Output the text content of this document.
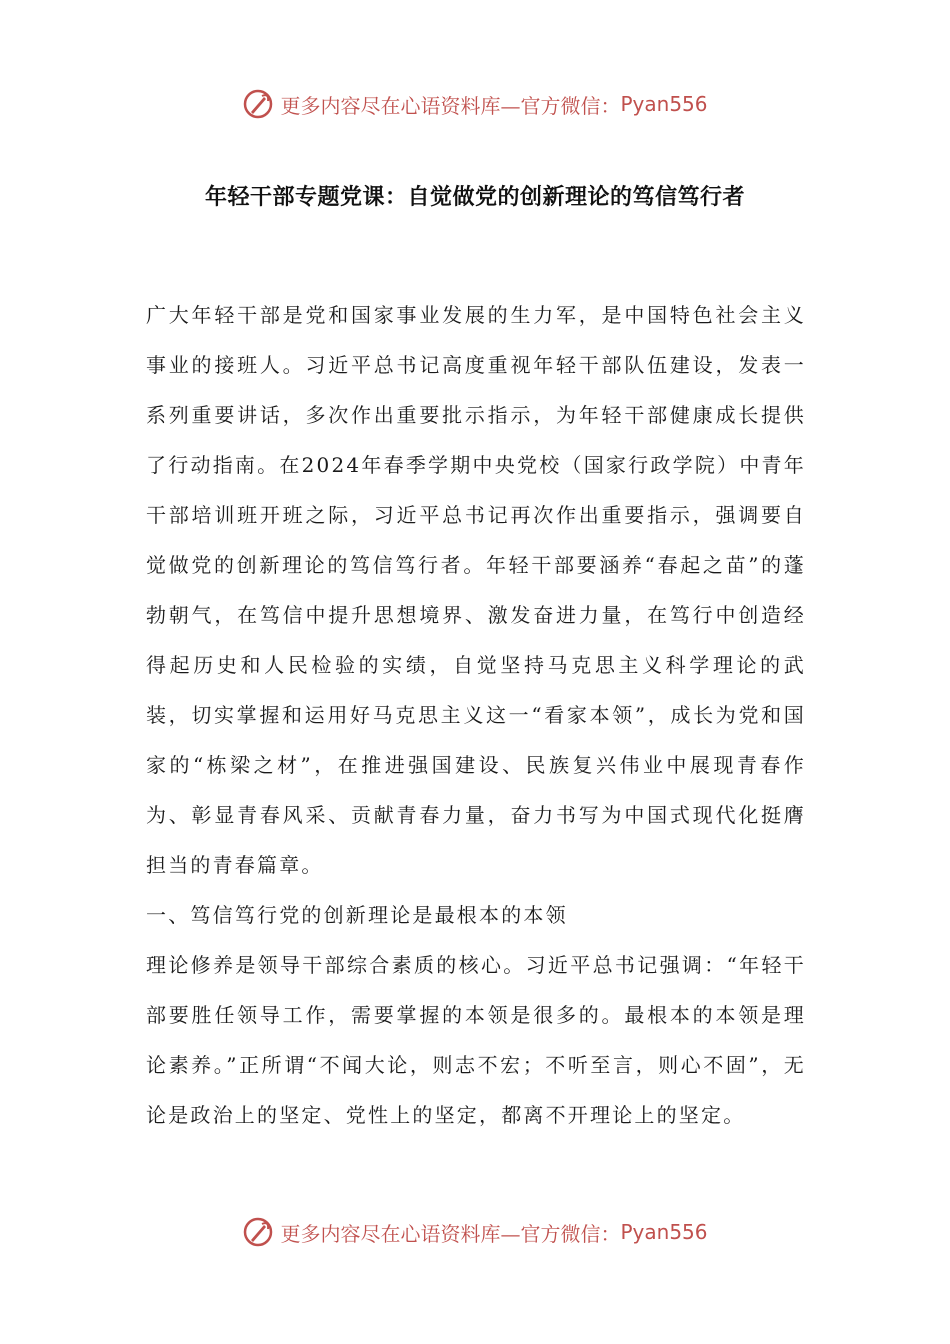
更多内容尽在心语资料库—官方微信： Pyan556
年轻干部专题党课：自觉做党的创新理论的笃信笃行者

广大年轻干部是党和国家事业发展的生力军，是中国特色社会主义事业的接班人。习近平总书记高度重视年轻干部队伍建设，发表一系列重要讲话，多次作出重要批示指示，为年轻干部健康成长提供了行动指南。在2024年春季学期中央党校（国家行政学院）中青年干部培训班开班之际，习近平总书记再次作出重要指示，强调要自觉做党的创新理论的笃信笃行者。年轻干部要涵养“春起之苗”的蓬勃朝气，在笃信中提升思想境界、激发奋进力量，在笃行中创造经得起历史和人民检验的实绩，自觉坚持马克思主义科学理论的武装，切实掌握和运用好马克思主义这一“看家本领”，成长为党和国家的“栋梁之材”，在推进强国建设、民族复兴伟业中展现青春作为、彰显青春风采、贡献青春力量，奋力书写为中国式现代化挺膺担当的青春篇章。

一、笃信笃行党的创新理论是最根本的本领

理论修养是领导干部综合素质的核心。习近平总书记强调：“年轻干部要胜任领导工作，需要掌握的本领是很多的。最根本的本领是理论素养。”正所谓“不闻大论，则志不宏；不听至言，则心不固”，无论是政治上的坚定、党性上的坚定，都离不开理论上的坚定。

更多内容尽在心语资料库—官方微信： Pyan556
